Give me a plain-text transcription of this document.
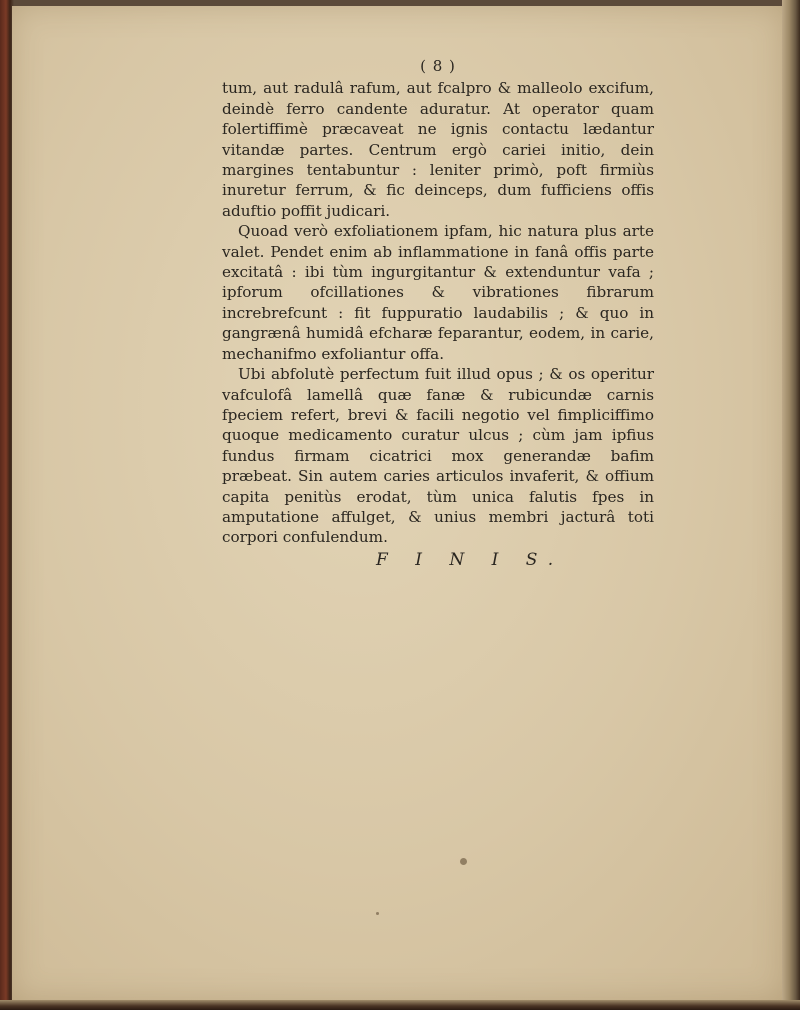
( 8 )

tum, aut radulâ rafum, aut fcalpro & malleolo excifum, deindè ferro candente aduratur. At operator quam folertiffimè præcaveat ne ignis contactu lædantur vitandæ partes. Centrum ergò cariei initio, dein margines tentabuntur : leniter primò, poft firmiùs inuretur ferrum, & fic deinceps, dum fufficiens offis aduftio poffit judicari.

Quoad verò exfoliationem ipfam, hic natura plus arte valet. Pendet enim ab inflammatione in fanâ offis parte excitatâ : ibi tùm ingurgitantur & extenduntur vafa ; ipforum ofcillationes & vibrationes fibrarum increbrefcunt : fit fuppuratio laudabilis ; & quo in gangrænâ humidâ efcharæ feparantur, eodem, in carie, mechanifmo exfoliantur offa.

Ubi abfolutè perfectum fuit illud opus ; & os operitur vafculofâ lamellâ quæ fanæ & rubicundæ carnis fpeciem refert, brevi & facili negotio vel fimpliciffimo quoque medicamento curatur ulcus ; cùm jam ipfius fundus firmam cicatrici mox generandæ bafim præbeat. Sin autem caries articulos invaferit, & offium capita penitùs erodat, tùm unica falutis fpes in amputatione affulget, & unius membri jacturâ toti corpori confulendum.

F I N I S.
